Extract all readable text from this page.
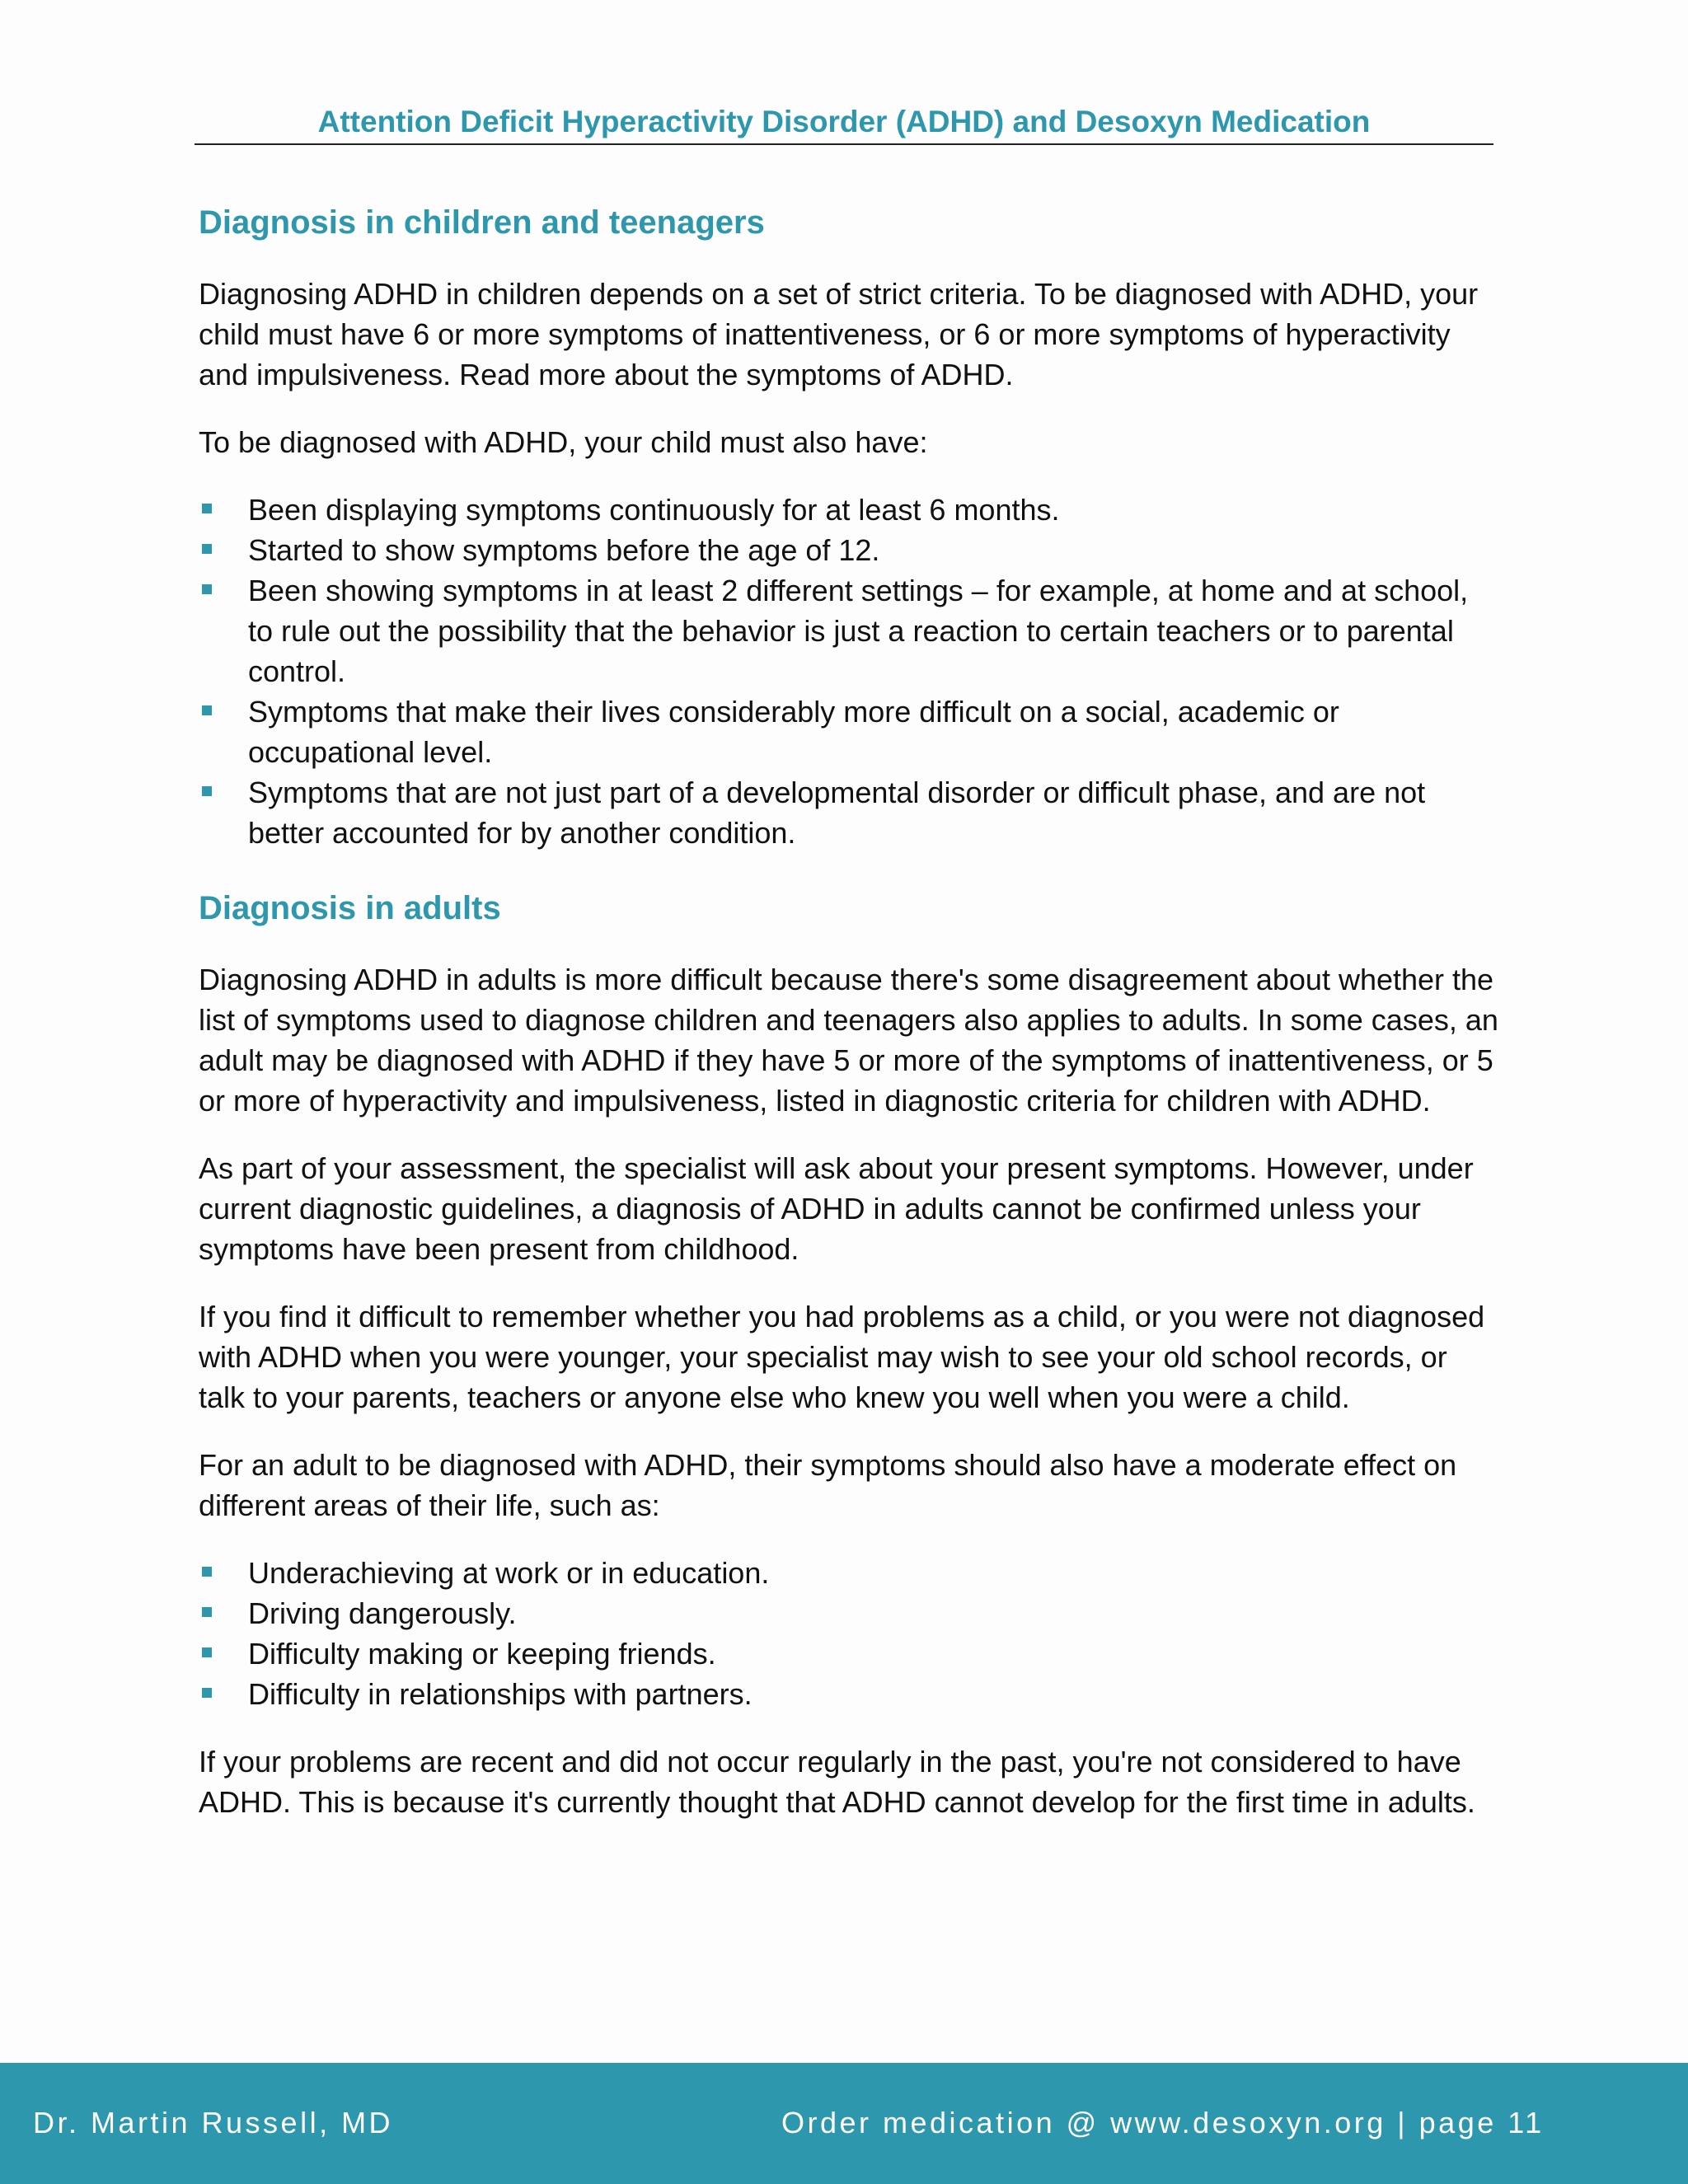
Attention Deficit Hyperactivity Disorder (ADHD) and Desoxyn Medication
Diagnosis in children and teenagers

Diagnosing ADHD in children depends on a set of strict criteria. To be diagnosed with ADHD, your child must have 6 or more symptoms of inattentiveness, or 6 or more symptoms of hyperactivity and impulsiveness. Read more about the symptoms of ADHD.

To be diagnosed with ADHD, your child must also have:

Been displaying symptoms continuously for at least 6 months.
Started to show symptoms before the age of 12.
Been showing symptoms in at least 2 different settings – for example, at home and at school, to rule out the possibility that the behavior is just a reaction to certain teachers or to parental control.
Symptoms that make their lives considerably more difficult on a social, academic or occupational level.
Symptoms that are not just part of a developmental disorder or difficult phase, and are not better accounted for by another condition.
Diagnosis in adults

Diagnosing ADHD in adults is more difficult because there's some disagreement about whether the list of symptoms used to diagnose children and teenagers also applies to adults. In some cases, an adult may be diagnosed with ADHD if they have 5 or more of the symptoms of inattentiveness, or 5 or more of hyperactivity and impulsiveness, listed in diagnostic criteria for children with ADHD.

As part of your assessment, the specialist will ask about your present symptoms. However, under current diagnostic guidelines, a diagnosis of ADHD in adults cannot be confirmed unless your symptoms have been present from childhood.

If you find it difficult to remember whether you had problems as a child, or you were not diagnosed with ADHD when you were younger, your specialist may wish to see your old school records, or talk to your parents, teachers or anyone else who knew you well when you were a child.

For an adult to be diagnosed with ADHD, their symptoms should also have a moderate effect on different areas of their life, such as:

Underachieving at work or in education.
Driving dangerously.
Difficulty making or keeping friends.
Difficulty in relationships with partners.

If your problems are recent and did not occur regularly in the past, you're not considered to have ADHD. This is because it's currently thought that ADHD cannot develop for the first time in adults.

Dr. Martin Russell, MD	Order medication @ www.desoxyn.org | page 11
